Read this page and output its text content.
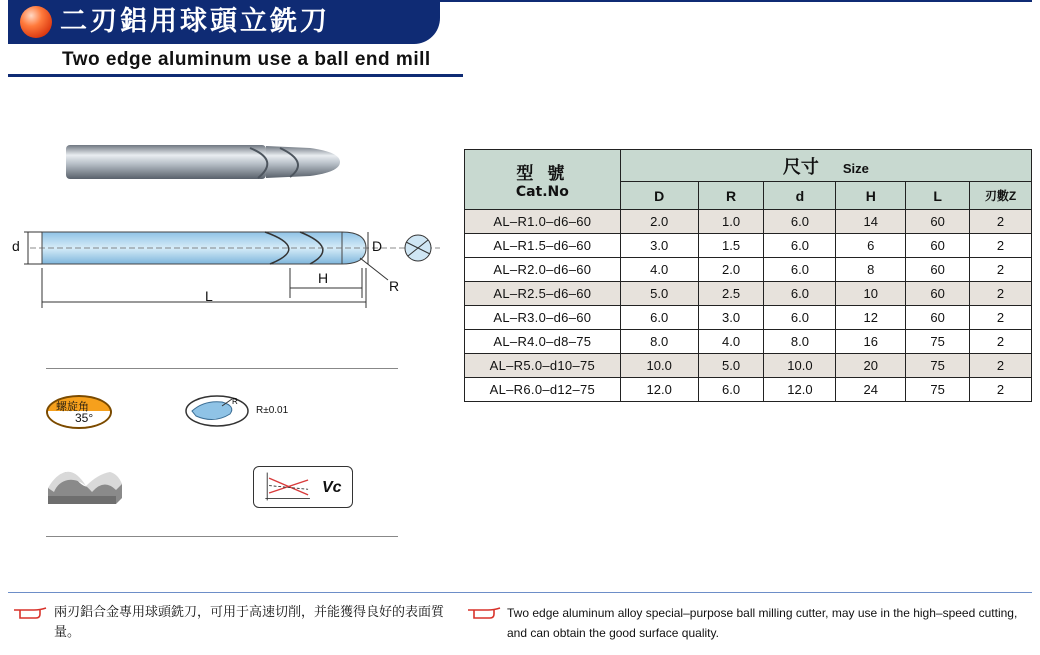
二刃鋁用球頭立銑刀
Two edge aluminum use a ball end mill
d	D
H
L
R
螺旋角
35°
R
R±0.01
Vc
型 號
Cat.No	尺寸 Size					
	D	R	d	H	L	刃數Z
AL–R1.0–d6–60	2.0	1.0	6.0	14	60	2
AL–R1.5–d6–60	3.0	1.5	6.0	6	60	2
AL–R2.0–d6–60	4.0	2.0	6.0	8	60	2
AL–R2.5–d6–60	5.0	2.5	6.0	10	60	2
AL–R3.0–d6–60	6.0	3.0	6.0	12	60	2
AL–R4.0–d8–75	8.0	4.0	8.0	16	75	2
AL–R5.0–d10–75	10.0	5.0	10.0	20	75	2
AL–R6.0–d12–75	12.0	6.0	12.0	24	75	2
兩刃鋁合金專用球頭銑刀，可用于高速切削，并能獲得良好的表面質量。
Two edge aluminum alloy special–purpose ball milling cutter, may use in the high–speed cutting, and can obtain the good surface quality.
